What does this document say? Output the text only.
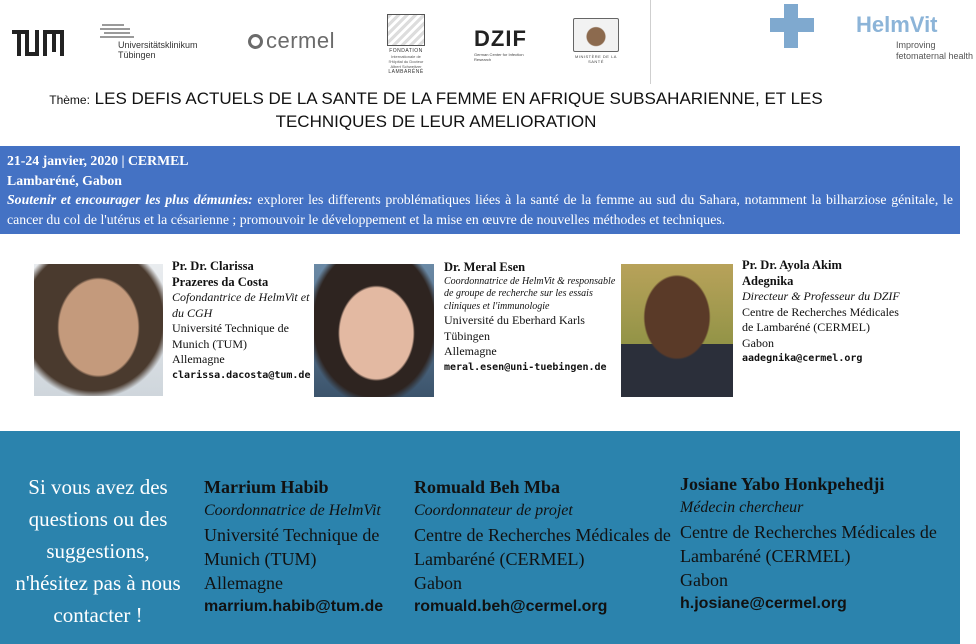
Universitätsklinikum
Tübingen
cermel	FONDATION
Internationale de l'Hôpital du Docteur Albert Schweitzer
LAMBARÉNÉ
DZIF
German Center for Infection Research
MINISTÈRE DE LA SANTÉ
HelmVit
Improving fetomaternal health
Thème: LES DEFIS ACTUELS DE LA SANTE DE LA FEMME EN AFRIQUE SUBSAHARIENNE, ET LES TECHNIQUES DE LEUR AMELIORATION
21-24 janvier, 2020 | CERMEL
Lambaréné, Gabon
Soutenir et encourager les plus démunies: explorer les differents problématiques liées à la santé de la femme au sud du Sahara, notamment la bilharziose génitale, le cancer du col de l'utérus et la césarienne ; promouvoir le développement et la mise en œuvre de nouvelles méthodes et techniques.
Pr. Dr. Clarissa
Prazeres da Costa
Cofondantrice de HelmVit et du CGH
Université Technique de Munich (TUM)
Allemagne
clarissa.dacosta@tum.de
Dr. Meral Esen
Coordonnatrice de HelmVit & responsable de groupe de recherche sur les essais cliniques et l'immunologie
Université du Eberhard Karls Tübingen
Allemagne
meral.esen@uni-tuebingen.de
Pr. Dr. Ayola Akim
Adegnika
Directeur & Professeur du DZIF
Centre de Recherches Médicales de Lambaréné (CERMEL)
Gabon
aadegnika@cermel.org
Si vous avez des questions ou des suggestions, n'hésitez pas à nous contacter !
Marrium Habib
Coordonnatrice de HelmVit
Université Technique de Munich (TUM)
Allemagne
marrium.habib@tum.de
Romuald Beh Mba
Coordonnateur de projet
Centre de Recherches Médicales de Lambaréné (CERMEL)
Gabon
romuald.beh@cermel.org
Josiane Yabo Honkpehedji
Médecin chercheur
Centre de Recherches Médicales de Lambaréné (CERMEL)
Gabon
h.josiane@cermel.org
